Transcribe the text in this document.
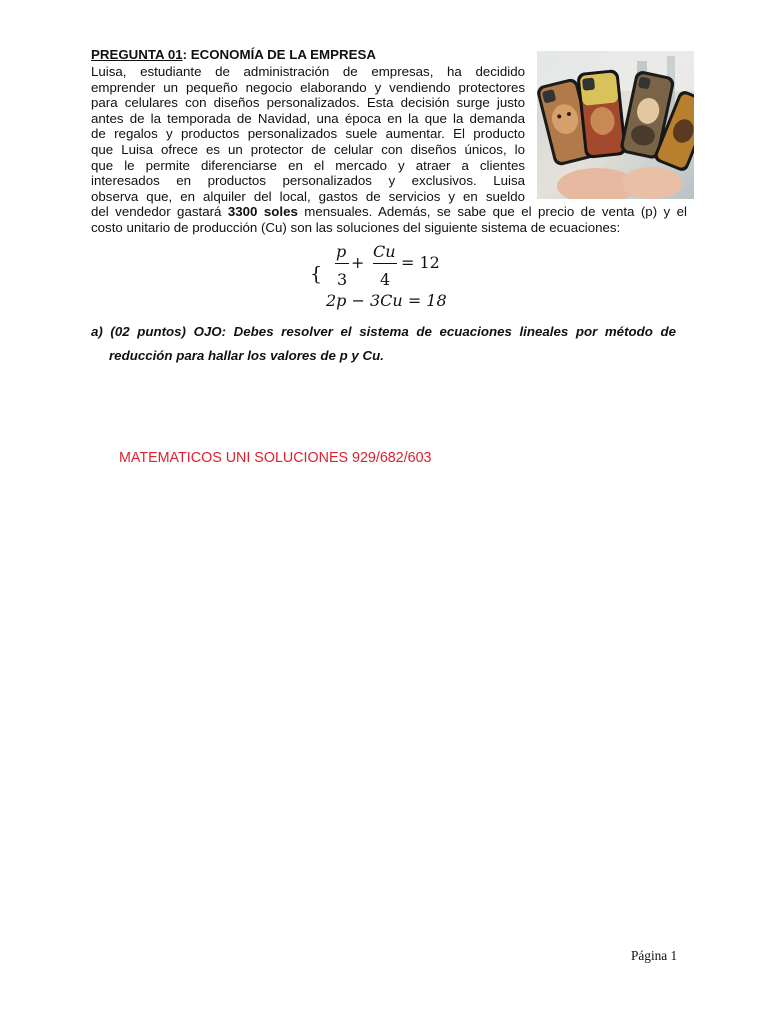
PREGUNTA 01: ECONOMÍA DE LA EMPRESA
Luisa, estudiante de administración de empresas, ha decidido
emprender un pequeño negocio elaborando y vendiendo protectores
para celulares con diseños personalizados. Esta decisión surge justo
antes de la temporada de Navidad, una época en la que la demanda
de regalos y productos personalizados suele aumentar. El producto
que Luisa ofrece es un protector de celular con diseños únicos, lo
que le permite diferenciarse en el mercado y atraer a clientes
interesados en productos personalizados y exclusivos. Luisa
observa que, en alquiler del local, gastos de servicios y en sueldo
del vendedor gastará 3300 soles mensuales. Además, se sabe que el precio de venta (p) y el
costo unitario de producción (Cu) son las soluciones del siguiente sistema de ecuaciones:
{
p
3
+
Cu
4
= 12
2p − 3Cu = 18
a) (02 puntos) OJO: Debes resolver el sistema de ecuaciones lineales por método de
reducción para hallar los valores de p y Cu.
MATEMATICOS UNI SOLUCIONES 929/682/603
Página 1
